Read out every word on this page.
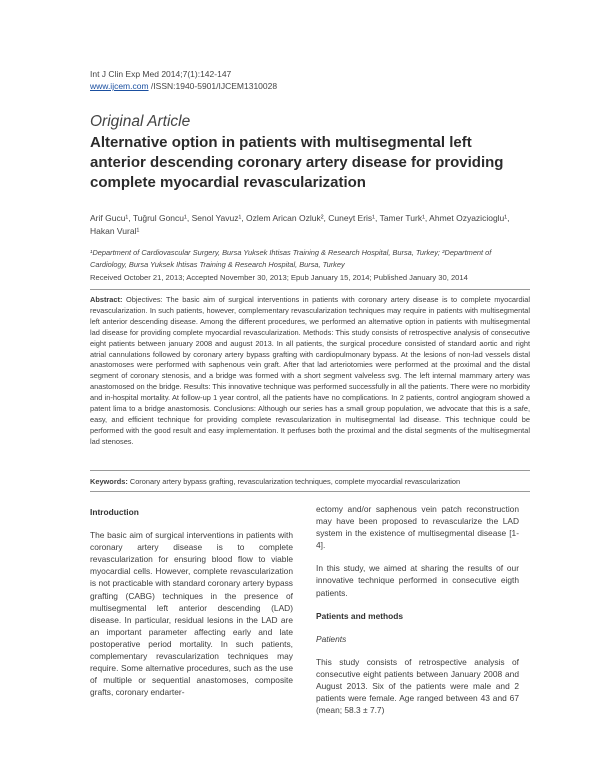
Int J Clin Exp Med 2014;7(1):142-147
www.ijcem.com /ISSN:1940-5901/IJCEM1310028
Original Article
Alternative option in patients with multisegmental left anterior descending coronary artery disease for providing complete myocardial revascularization
Arif Gucu¹, Tuğrul Goncu¹, Senol Yavuz¹, Ozlem Arican Ozluk², Cuneyt Eris¹, Tamer Turk¹, Ahmet Ozyazicioglu¹, Hakan Vural¹
¹Department of Cardiovascular Surgery, Bursa Yuksek Ihtisas Training & Research Hospital, Bursa, Turkey; ²Department of Cardiology, Bursa Yuksek Ihtisas Training & Research Hospital, Bursa, Turkey
Received October 21, 2013; Accepted November 30, 2013; Epub January 15, 2014; Published January 30, 2014
Abstract: Objectives: The basic aim of surgical interventions in patients with coronary artery disease is to complete myocardial revascularization. In such patients, however, complementary revascularization techniques may require in patients with multisegmental left anterior descending disease. Among the different procedures, we performed an alternative option in patients with multisegmental lad disease for providing complete myocardial revascularization. Methods: This study consists of retrospective analysis of consecutive eight patients between january 2008 and august 2013. In all patients, the surgical procedure consisted of standard aortic and right atrial cannulations followed by coronary artery bypass grafting with cardiopulmonary bypass. At the lesions of non-lad vessels distal anastomoses were performed with saphenous vein graft. After that lad arteriotomies were performed at the proximal and the distal segment of coronary stenosis, and a bridge was formed with a short segment valveless svg. The left internal mammary artery was anastomosed on the bridge. Results: This innovative technique was performed successfully in all the patients. There were no morbidity and in-hospital mortality. At follow-up 1 year control, all the patients have no complications. In 2 patients, control angiogram showed a patent lima to a bridge anastomosis. Conclusions: Although our series has a small group population, we advocate that this is a safe, easy, and efficient technique for providing complete revascularization in multisegmental lad disease. This technique could be performed with the good result and easy implementation. It perfuses both the proximal and the distal segments of the multisegmental lad stenoses.
Keywords: Coronary artery bypass grafting, revascularization techniques, complete myocardial revascularization
Introduction

The basic aim of surgical interventions in patients with coronary artery disease is to complete revascularization for ensuring blood flow to viable myocardial cells. However, complete revascularization is not practicable with standard coronary artery bypass grafting (CABG) techniques in the presence of multisegmental left anterior descending (LAD) disease. In particular, residual lesions in the LAD are an important parameter affecting early and late postoperative period mortality. In such patients, complementary revascularization techniques may require. Some alternative procedures, such as the use of multiple or sequential anastomoses, composite grafts, coronary endarter-

ectomy and/or saphenous vein patch reconstruction may have been proposed to revascularize the LAD system in the existence of multisegmental disease [1-4].

In this study, we aimed at sharing the results of our innovative technique performed in consecutive eigth patients.

Patients and methods
Patients

This study consists of retrospective analysis of consecutive eight patients between January 2008 and August 2013. Six of the patients were male and 2 patients were female. Age ranged between 43 and 67 (mean; 58.3 ± 7.7)
